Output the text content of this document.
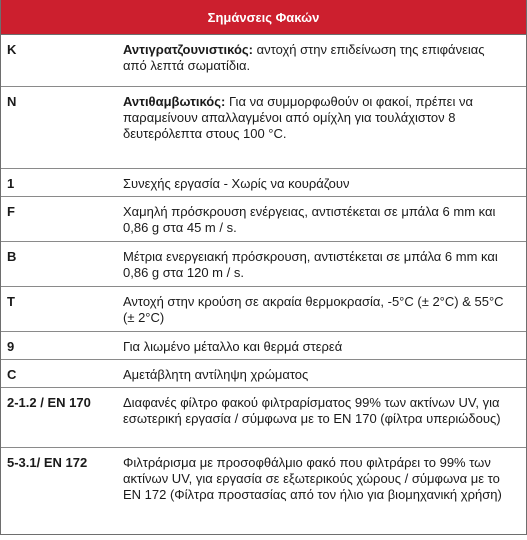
Σημάνσεις Φακών
K	Αντιγρατζουνιστικός: αντοχή στην επιδείνωση της επιφάνειας από λεπτά σωματίδια.
N	Αντιθαμβωτικός: Για να συμμορφωθούν οι φακοί, πρέπει να παραμείνουν απαλλαγμένοι από ομίχλη για τουλάχιστον 8 δευτερόλεπτα στους 100 °C.
1	Συνεχής εργασία - Χωρίς να κουράζουν
F	Χαμηλή πρόσκρουση ενέργειας, αντιστέκεται σε μπάλα 6 mm και 0,86 g στα 45 m / s.
B	Μέτρια ενεργειακή πρόσκρουση, αντιστέκεται σε μπάλα 6 mm και 0,86 g στα 120 m / s.
T	Αντοχή στην κρούση σε ακραία θερμοκρασία, -5°C (± 2°C) & 55°C (± 2°C)
9	Για λιωμένο μέταλλο και θερμά στερεά
C	Αμετάβλητη αντίληψη χρώματος
2-1.2 / EN 170	Διαφανές φίλτρο φακού φιλτραρίσματος 99% των ακτίνων UV, για εσωτερική εργασία / σύμφωνα με το EN 170 (φίλτρα υπεριώδους)
5-3.1/ EN 172	Φιλτράρισμα με προσοφθάλμιο φακό που φιλτράρει το 99% των ακτίνων UV, για εργασία σε εξωτερικούς χώρους / σύμφωνα με το EN 172 (Φίλτρα προστασίας από τον ήλιο για βιομηχανική χρήση)
